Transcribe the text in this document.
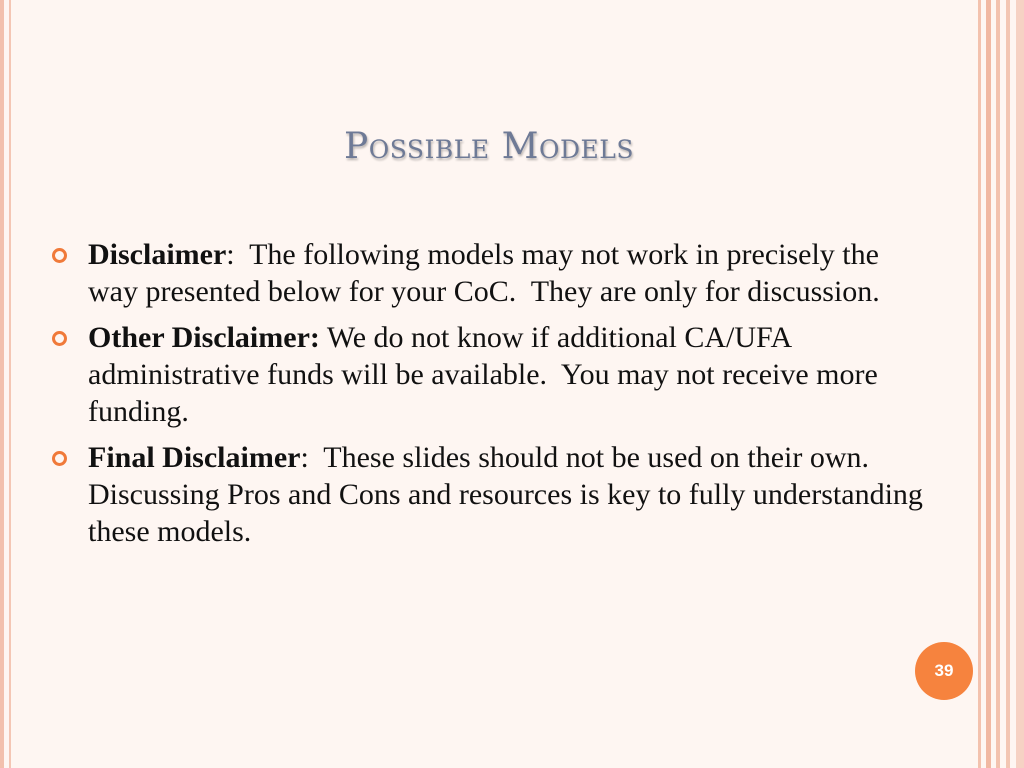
Possible Models
Disclaimer:  The following models may not work in precisely the way presented below for your CoC.  They are only for discussion.
Other Disclaimer: We do not know if additional CA/UFA administrative funds will be available.  You may not receive more funding.
Final Disclaimer:  These slides should not be used on their own.  Discussing Pros and Cons and resources is key to fully understanding these models.
39
